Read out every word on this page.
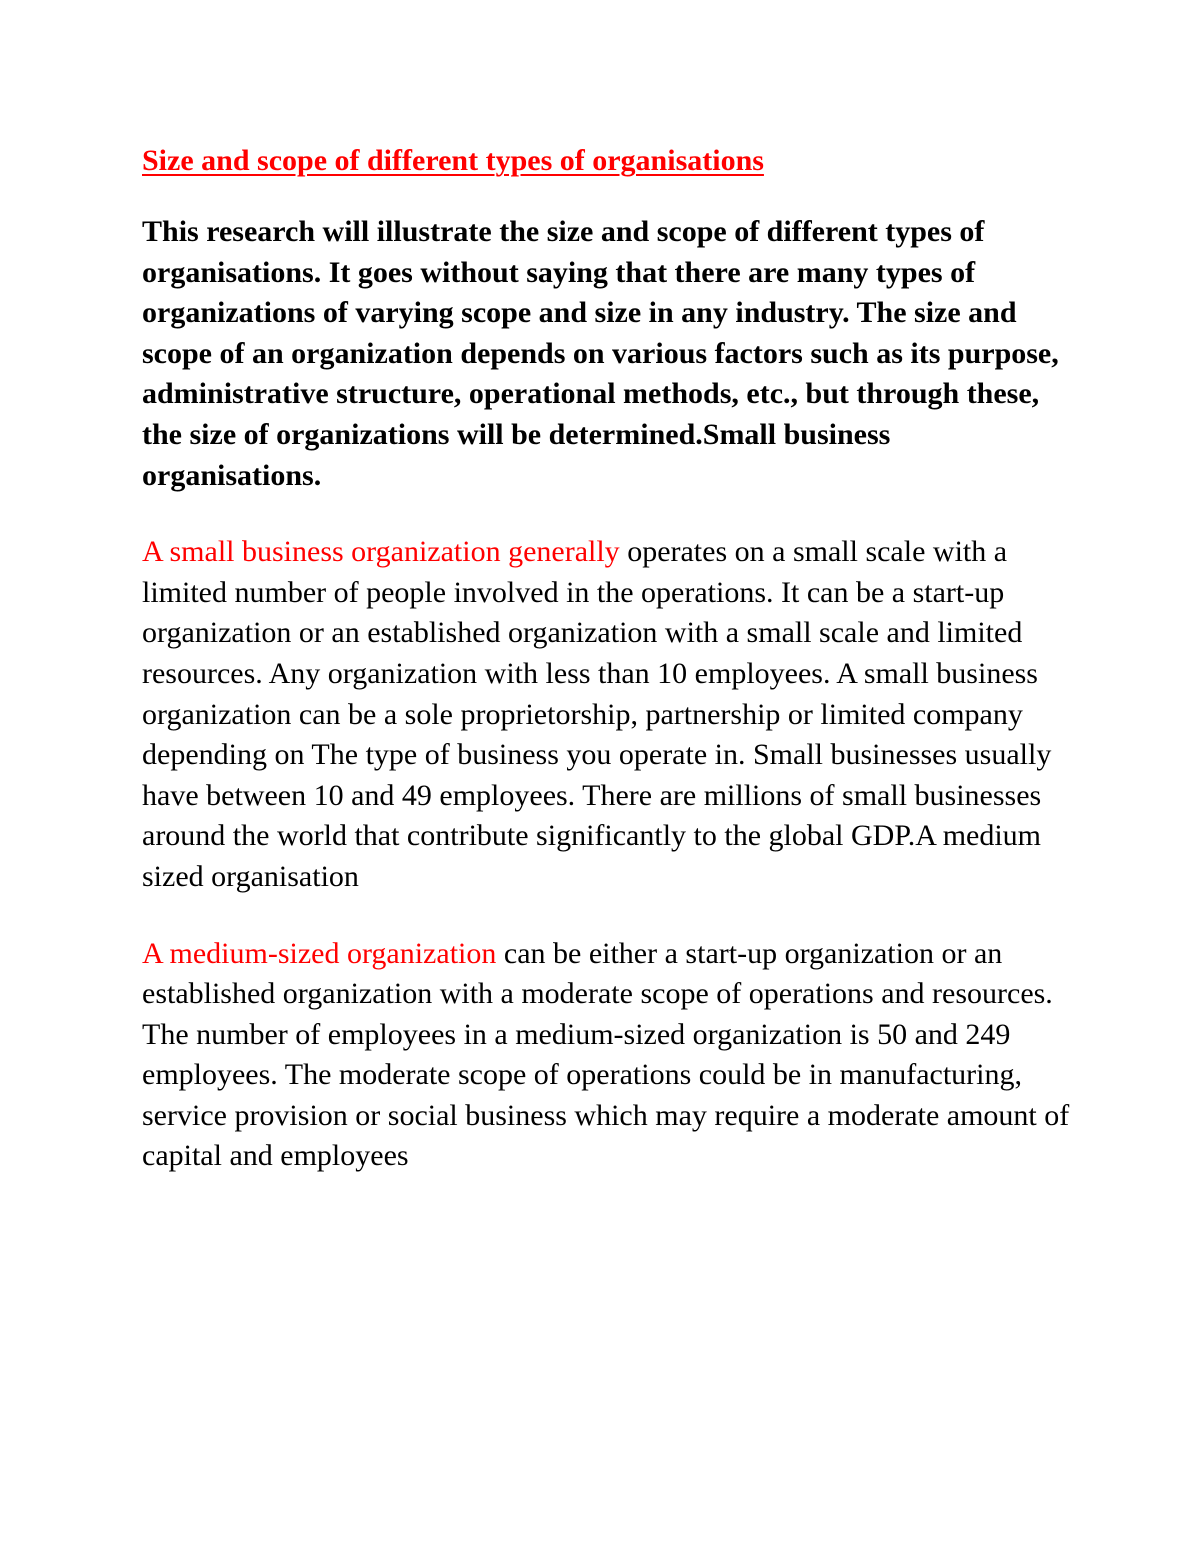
Size and scope of different types of organisations

This research will illustrate the size and scope of different types of organisations. It goes without saying that there are many types of organizations of varying scope and size in any industry. The size and scope of an organization depends on various factors such as its purpose, administrative structure, operational methods, etc., but through these, the size of organizations will be determined.Small business organisations.

A small business organization generally operates on a small scale with a limited number of people involved in the operations. It can be a start-up organization or an established organization with a small scale and limited resources. Any organization with less than 10 employees. A small business organization can be a sole proprietorship, partnership or limited company depending on The type of business you operate in. Small businesses usually have between 10 and 49 employees. There are millions of small businesses around the world that contribute significantly to the global GDP.A medium sized organisation

A medium-sized organization can be either a start-up organization or an established organization with a moderate scope of operations and resources. The number of employees in a medium-sized organization is 50 and 249 employees. The moderate scope of operations could be in manufacturing, service provision or social business which may require a moderate amount of capital and employees
